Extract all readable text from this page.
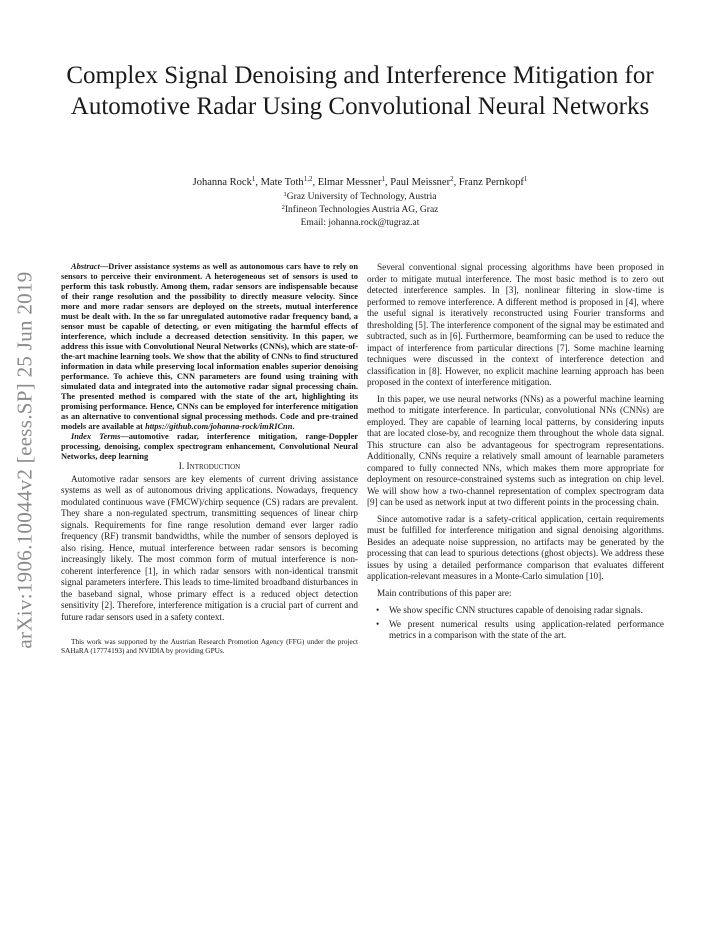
arXiv:1906.10044v2 [eess.SP] 25 Jun 2019
Complex Signal Denoising and Interference Mitigation for Automotive Radar Using Convolutional Neural Networks
Johanna Rock$^1$, Mate Toth$^{1,2}$, Elmar Messner$^1$, Paul Meissner$^2$, Franz Pernkopf$^1$
$^1$Graz University of Technology, Austria
$^2$Infineon Technologies Austria AG, Graz
Email: johanna.rock@tugraz.at

Abstract—Driver assistance systems as well as autonomous cars have to rely on sensors to perceive their environment. A heterogeneous set of sensors is used to perform this task robustly. Among them, radar sensors are indispensable because of their range resolution and the possibility to directly measure velocity. Since more and more radar sensors are deployed on the streets, mutual interference must be dealt with. In the so far unregulated automotive radar frequency band, a sensor must be capable of detecting, or even mitigating the harmful effects of interference, which include a decreased detection sensitivity. In this paper, we address this issue with Convolutional Neural Networks (CNNs), which are state-of-the-art machine learning tools. We show that the ability of CNNs to find structured information in data while preserving local information enables superior denoising performance. To achieve this, CNN parameters are found using training with simulated data and integrated into the automotive radar signal processing chain. The presented method is compared with the state of the art, highlighting its promising performance. Hence, CNNs can be employed for interference mitigation as an alternative to conventional signal processing methods. Code and pre-trained models are available at https://github.com/johanna-rock/imRICnn.

Index Terms—automotive radar, interference mitigation, range-Doppler processing, denoising, complex spectrogram enhancement, Convolutional Neural Networks, deep learning

I. Introduction

Automotive radar sensors are key elements of current driving assistance systems as well as of autonomous driving applications. Nowadays, frequency modulated continuous wave (FMCW)/chirp sequence (CS) radars are prevalent. They share a non-regulated spectrum, transmitting sequences of linear chirp signals. Requirements for fine range resolution demand ever larger radio frequency (RF) transmit bandwidths, while the number of sensors deployed is also rising. Hence, mutual interference between radar sensors is becoming increasingly likely. The most common form of mutual interference is non-coherent interference [1], in which radar sensors with non-identical transmit signal parameters interfere. This leads to time-limited broadband disturbances in the baseband signal, whose primary effect is a reduced object detection sensitivity [2]. Therefore, interference mitigation is a crucial part of current and future radar sensors used in a safety context.

This work was supported by the Austrian Research Promotion Agency (FFG) under the project SAHaRA (17774193) and NVIDIA by providing GPUs.

Several conventional signal processing algorithms have been proposed in order to mitigate mutual interference. The most basic method is to zero out detected interference samples. In [3], nonlinear filtering in slow-time is performed to remove interference. A different method is proposed in [4], where the useful signal is iteratively reconstructed using Fourier transforms and thresholding [5]. The interference component of the signal may be estimated and subtracted, such as in [6]. Furthermore, beamforming can be used to reduce the impact of interference from particular directions [7]. Some machine learning techniques were discussed in the context of interference detection and classification in [8]. However, no explicit machine learning approach has been proposed in the context of interference mitigation.

In this paper, we use neural networks (NNs) as a powerful machine learning method to mitigate interference. In particular, convolutional NNs (CNNs) are employed. They are capable of learning local patterns, by considering inputs that are located close-by, and recognize them throughout the whole data signal. This structure can also be advantageous for spectrogram representations. Additionally, CNNs require a relatively small amount of learnable parameters compared to fully connected NNs, which makes them more appropriate for deployment on resource-constrained systems such as integration on chip level. We will show how a two-channel representation of complex spectrogram data [9] can be used as network input at two different points in the processing chain.

Since automotive radar is a safety-critical application, certain requirements must be fulfilled for interference mitigation and signal denoising algorithms. Besides an adequate noise suppression, no artifacts may be generated by the processing that can lead to spurious detections (ghost objects). We address these issues by using a detailed performance comparison that evaluates different application-relevant measures in a Monte-Carlo simulation [10].

Main contributions of this paper are:

• We show specific CNN structures capable of denoising radar signals.
• We present numerical results using application-related performance metrics in a comparison with the state of the art.
